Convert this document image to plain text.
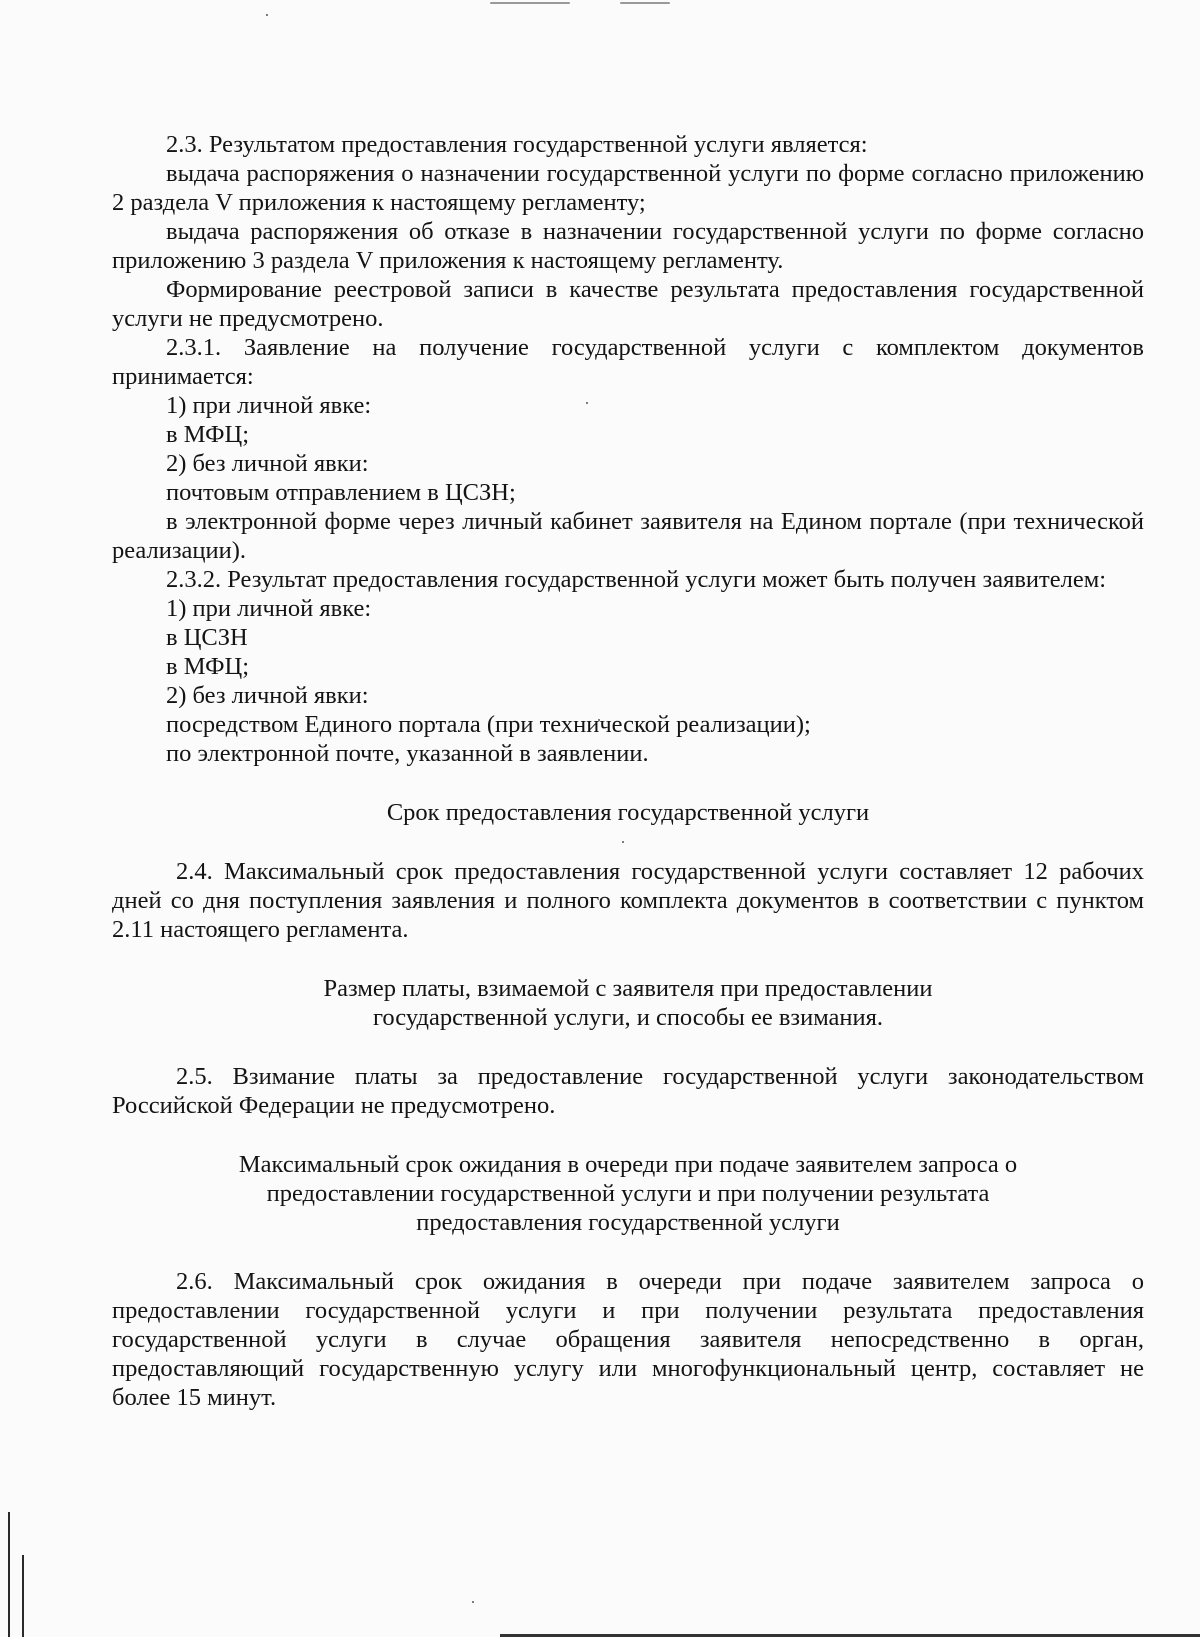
2.3. Результатом предоставления государственной услуги является:

выдача распоряжения о назначении государственной услуги по форме согласно приложению 2 раздела V приложения к настоящему регламенту;

выдача распоряжения об отказе в назначении государственной услуги по форме согласно приложению 3 раздела V приложения к настоящему регламенту.

Формирование реестровой записи в качестве результата предоставления государственной услуги не предусмотрено.

2.3.1. Заявление на получение государственной услуги с комплектом документов принимается:

1) при личной явке:

в МФЦ;

2) без личной явки:

почтовым отправлением в ЦСЗН;

в электронной форме через личный кабинет заявителя на Едином портале (при технической реализации).

2.3.2. Результат предоставления государственной услуги может быть получен заявителем:

1) при личной явке:

в ЦСЗН

в МФЦ;

2) без личной явки:

посредством Единого портала (при технической реализации);

по электронной почте, указанной в заявлении.

Срок предоставления государственной услуги

2.4. Максимальный срок предоставления государственной услуги составляет 12 рабочих дней со дня поступления заявления и полного комплекта документов в соответствии с пунктом 2.11 настоящего регламента.

Размер платы, взимаемой с заявителя при предоставлении

государственной услуги, и способы ее взимания.

2.5. Взимание платы за предоставление государственной услуги законодательством Российской Федерации не предусмотрено.

Максимальный срок ожидания в очереди при подаче заявителем запроса о

предоставлении государственной услуги и при получении результата

предоставления государственной услуги

2.6. Максимальный срок ожидания в очереди при подаче заявителем запроса о предоставлении государственной услуги и при получении результата предоставления государственной услуги в случае обращения заявителя непосредственно в орган, предоставляющий государственную услугу или многофункциональный центр, составляет не более 15 минут.
